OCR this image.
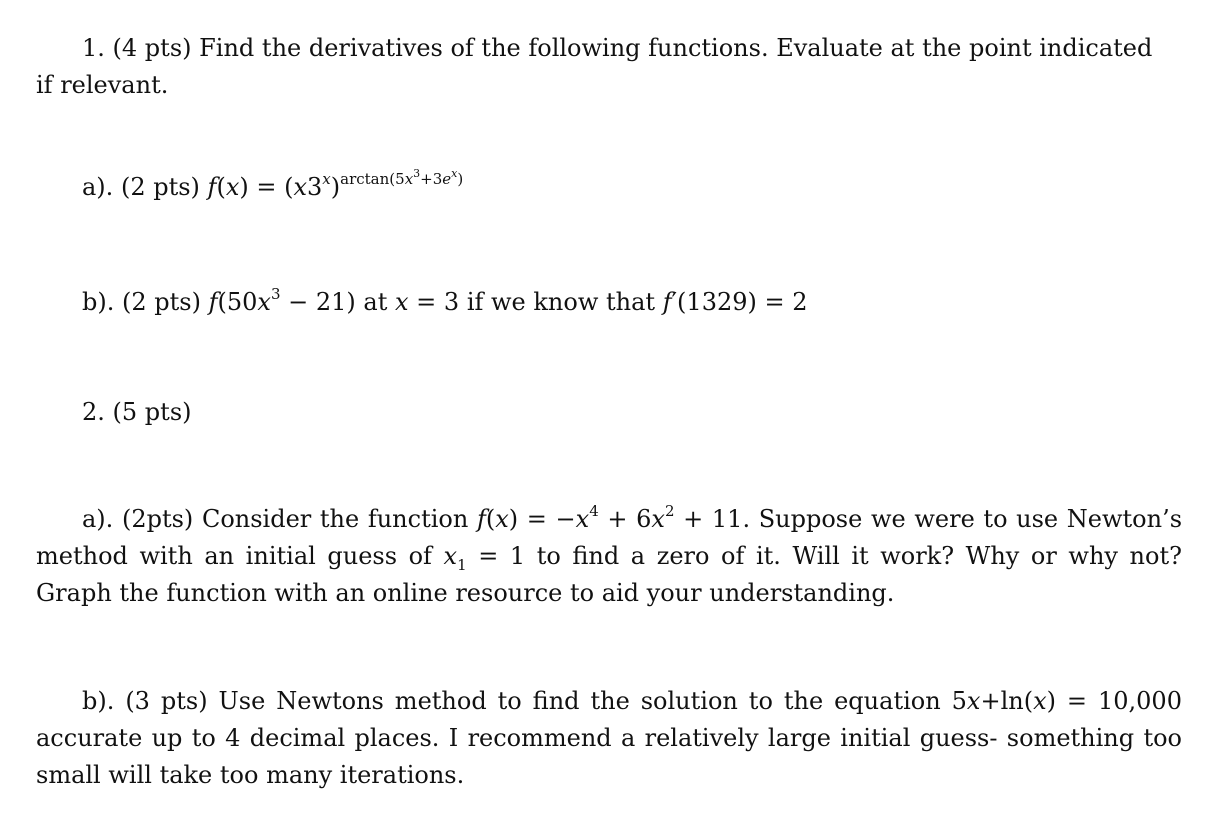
1. (4 pts) Find the derivatives of the following functions. Evaluate at the point indicated
if relevant.

a). (2 pts) $f(x) = (x3^x)^{arctan(5x^3+3e^x)}$

b). (2 pts) $f(50x^3 - 21)$ at x = 3 if we know that f′(1329) = 2

2. (5 pts)

a). (2pts) Consider the function $f(x) = -x^4 + 6x^2 + 11$. Suppose we were to use Newton’s method with an initial guess of $x_1 = 1$ to find a zero of it. Will it work? Why or why not? Graph the function with an online resource to aid your understanding.

b). (3 pts) Use Newtons method to find the solution to the equation 5x+ln(x) = 10,000 accurate up to 4 decimal places. I recommend a relatively large initial guess- something too small will take too many iterations.
